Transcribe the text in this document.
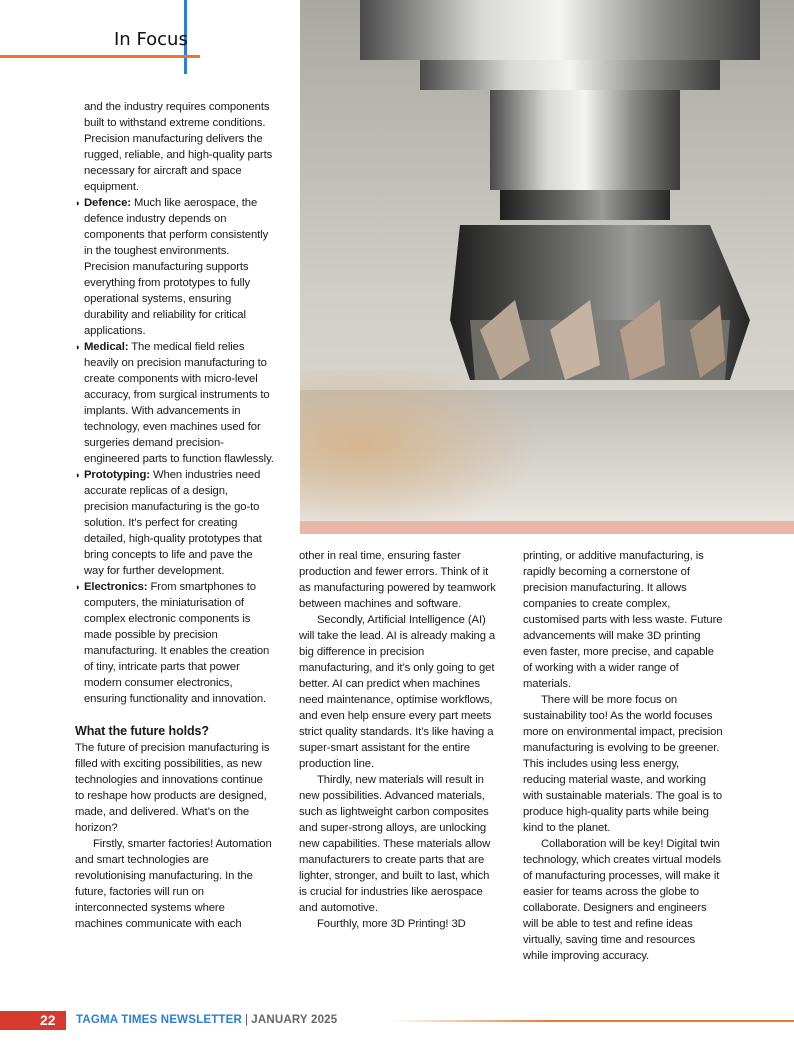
In Focus

and the industry requires components built to withstand extreme conditions. Precision manufacturing delivers the rugged, reliable, and high-quality parts necessary for aircraft and space equipment.

◗ Defence: Much like aerospace, the defence industry depends on components that perform consistently in the toughest environments. Precision manufacturing supports everything from prototypes to fully operational systems, ensuring durability and reliability for critical applications.

◗ Medical: The medical field relies heavily on precision manufacturing to create components with micro-level accuracy, from surgical instruments to implants. With advancements in technology, even machines used for surgeries demand precision-engineered parts to function flawlessly.

◗ Prototyping: When industries need accurate replicas of a design, precision manufacturing is the go-to solution. It’s perfect for creating detailed, high-quality prototypes that bring concepts to life and pave the way for further development.

◗ Electronics: From smartphones to computers, the miniaturisation of complex electronic components is made possible by precision manufacturing. It enables the creation of tiny, intricate parts that power modern consumer electronics, ensuring functionality and innovation.

What the future holds?

The future of precision manufacturing is filled with exciting possibilities, as new technologies and innovations continue to reshape how products are designed, made, and delivered. What’s on the horizon?

Firstly, smarter factories! Automation and smart technologies are revolutionising manufacturing. In the future, factories will run on interconnected systems where machines communicate with each

other in real time, ensuring faster production and fewer errors. Think of it as manufacturing powered by teamwork between machines and software.

Secondly, Artificial Intelligence (AI) will take the lead. AI is already making a big difference in precision manufacturing, and it’s only going to get better. AI can predict when machines need maintenance, optimise workflows, and even help ensure every part meets strict quality standards. It’s like having a super-smart assistant for the entire production line.

Thirdly, new materials will result in new possibilities. Advanced materials, such as lightweight carbon composites and super-strong alloys, are unlocking new capabilities. These materials allow manufacturers to create parts that are lighter, stronger, and built to last, which is crucial for industries like aerospace and automotive.

Fourthly, more 3D Printing! 3D

printing, or additive manufacturing, is rapidly becoming a cornerstone of precision manufacturing. It allows companies to create complex, customised parts with less waste. Future advancements will make 3D printing even faster, more precise, and capable of working with a wider range of materials.

There will be more focus on sustainability too! As the world focuses more on environmental impact, precision manufacturing is evolving to be greener. This includes using less energy, reducing material waste, and working with sustainable materials. The goal is to produce high-quality parts while being kind to the planet.

Collaboration will be key! Digital twin technology, which creates virtual models of manufacturing processes, will make it easier for teams across the globe to collaborate. Designers and engineers will be able to test and refine ideas virtually, saving time and resources while improving accuracy.

22 TAGMA TIMES NEWSLETTER | JANUARY 2025
